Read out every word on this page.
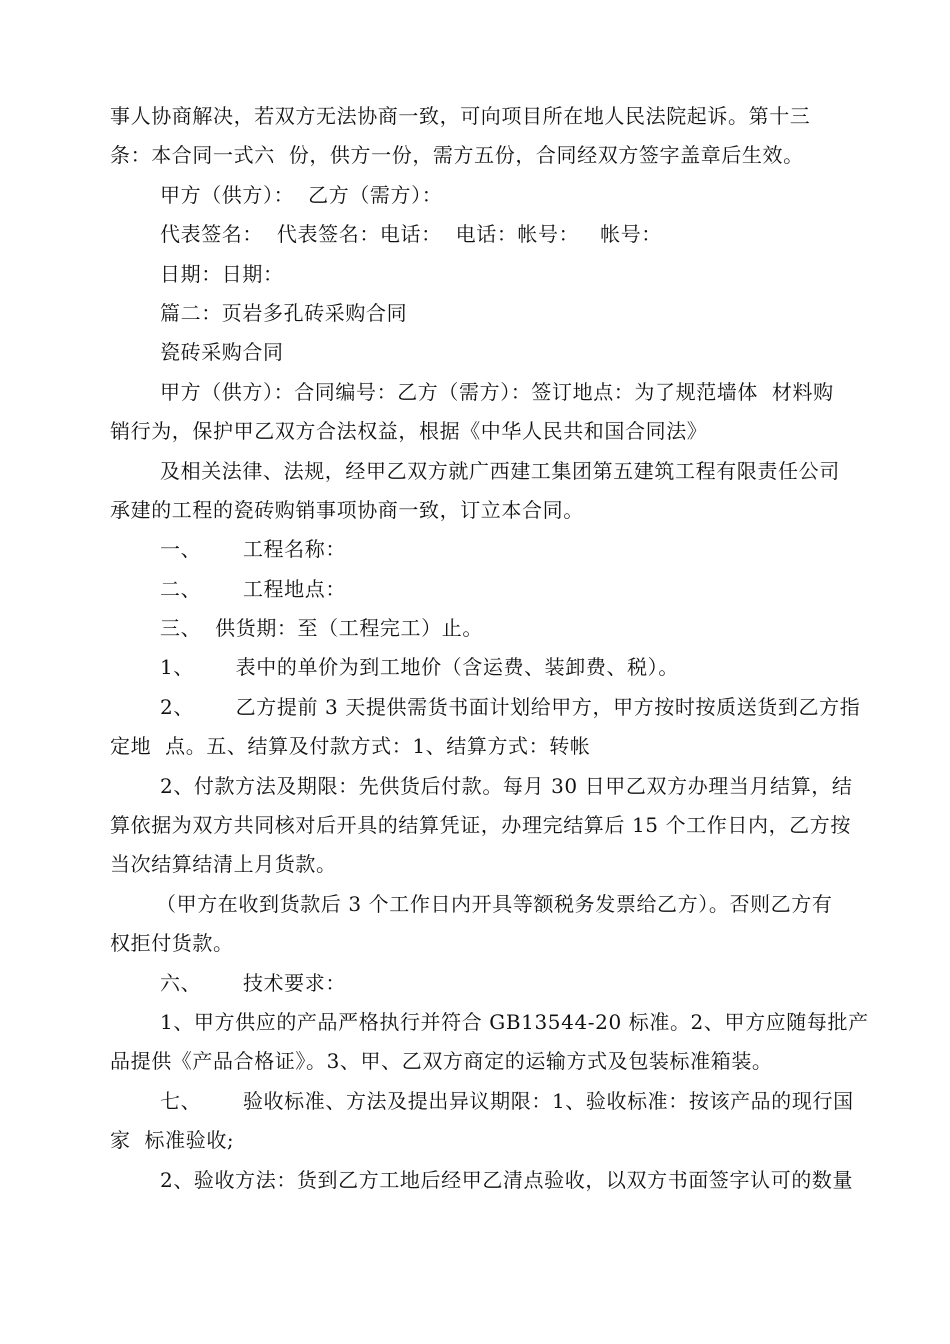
事人协商解决，若双方无法协商一致，可向项目所在地人民法院起诉。第十三
条：本合同一式六  份，供方一份，需方五份，合同经双方签字盖章后生效。
甲方（供方）：  乙方（需方）：
代表签名：  代表签名：电话：  电话：帐号：   帐号：
日期：日期：
篇二：页岩多孔砖采购合同
瓷砖采购合同
甲方（供方）：合同编号：乙方（需方）：签订地点：为了规范墙体  材料购
销行为，保护甲乙双方合法权益，根据《中华人民共和国合同法》
及相关法律、法规，经甲乙双方就广西建工集团第五建筑工程有限责任公司
承建的工程的瓷砖购销事项协商一致，订立本合同。
一、      工程名称：
二、      工程地点：
三、  供货期：至（工程完工）止。
1、      表中的单价为到工地价（含运费、装卸费、税）。
2、      乙方提前 3 天提供需货书面计划给甲方，甲方按时按质送货到乙方指
定地  点。五、结算及付款方式：1、结算方式：转帐
2、付款方法及期限：先供货后付款。每月 30 日甲乙双方办理当月结算，结
算依据为双方共同核对后开具的结算凭证，办理完结算后 15 个工作日内，乙方按
当次结算结清上月货款。
（甲方在收到货款后 3 个工作日内开具等额税务发票给乙方）。否则乙方有
权拒付货款。
六、      技术要求：
1、甲方供应的产品严格执行并符合 GB13544-20 标准。2、甲方应随每批产
品提供《产品合格证》。3、甲、乙双方商定的运输方式及包装标准箱装。
七、      验收标准、方法及提出异议期限：1、验收标准：按该产品的现行国
家  标准验收;
2、验收方法：货到乙方工地后经甲乙清点验收，以双方书面签字认可的数量
